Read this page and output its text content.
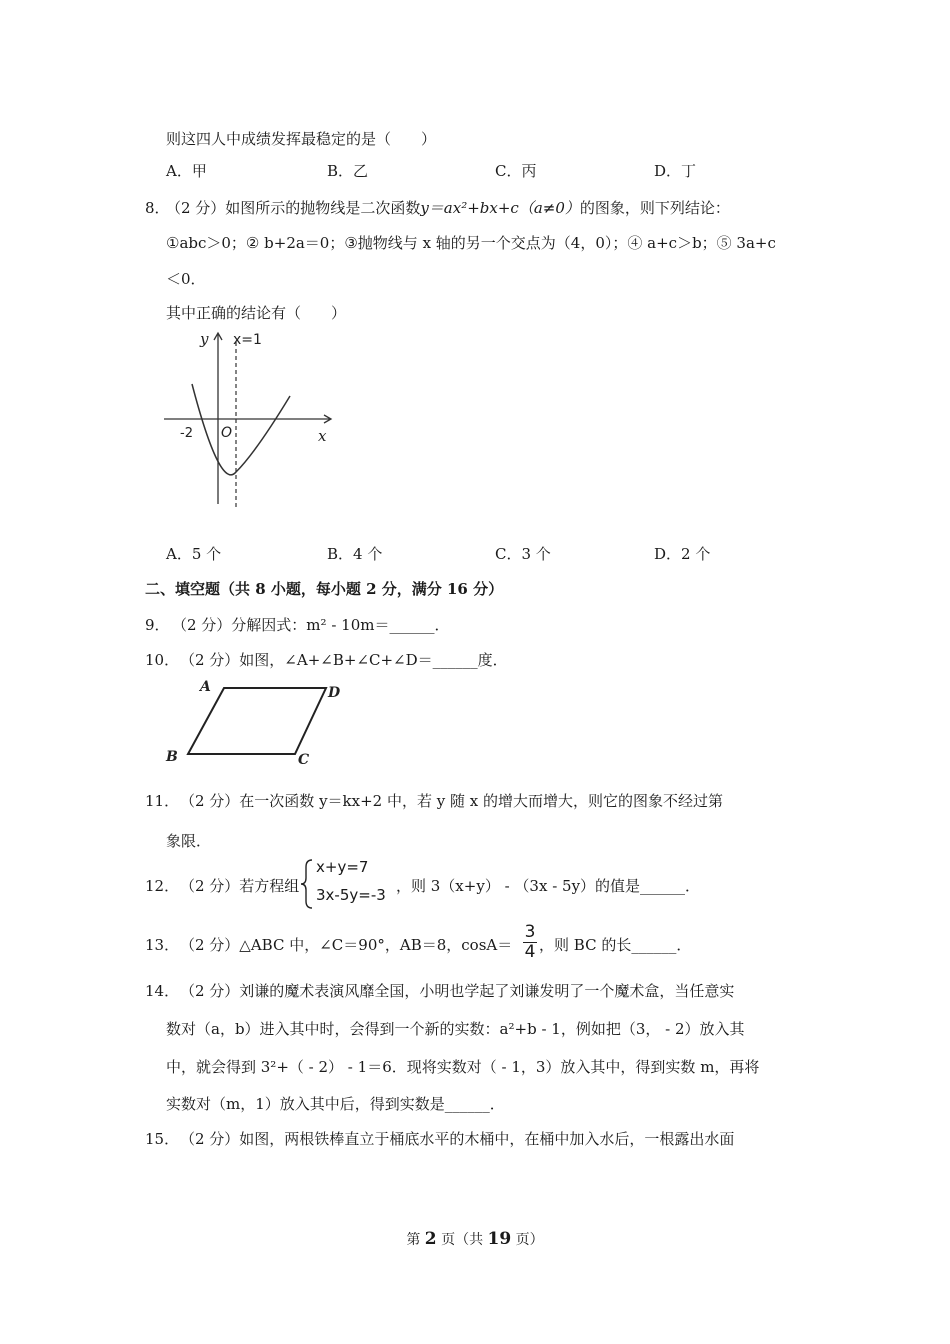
则这四人中成绩发挥最稳定的是（　　）
A．甲	B．乙	C．丙	D．丁
8．
（2 分）如图所示的抛物线是二次函数y＝ax²+bx+c（a≠0）的图象，则下列结论：
①abc＞0；② b+2a＝0；③抛物线与 x 轴的另一个交点为（4，0）；④ a+c＞b；⑤ 3a+c
＜0．
其中正确的结论有（　　）
y x=1
x
-2 O
A．5 个	B．4 个	C．3 个	D．2 个
二、填空题（共 8 小题，每小题 2 分，满分 16 分）
9． （2 分）分解因式：m² - 10m＝______．
10． （2 分）如图，∠A+∠B+∠C+∠D＝______度．
A	D
B	C
11． （2 分）在一次函数 y＝kx+2 中，若 y 随 x 的增大而增大，则它的图象不经过第
象限．
12． （2 分）若方程组
x+y=7
3x-5y=-3 ，则 3（x+y） - （3x - 5y）的值是______．
13． （2 分）△ABC 中，∠C＝90°，AB＝8，$\cos A= \frac{3}{4}$ ，则 BC 的长______．
14． （2 分）刘谦的魔术表演风靡全国，小明也学起了刘谦发明了一个魔术盒，当任意实
数对（a，b）进入其中时，会得到一个新的实数：a²+b - 1，例如把（3， - 2）放入其
中，就会得到 3²+（ - 2） - 1＝6．现将实数对（ - 1，3）放入其中，得到实数 m，再将
实数对（m，1）放入其中后，得到实数是______．
15． （2 分）如图，两根铁棒直立于桶底水平的木桶中，在桶中加入水后，一根露出水面
第 2 页（共 19 页）
